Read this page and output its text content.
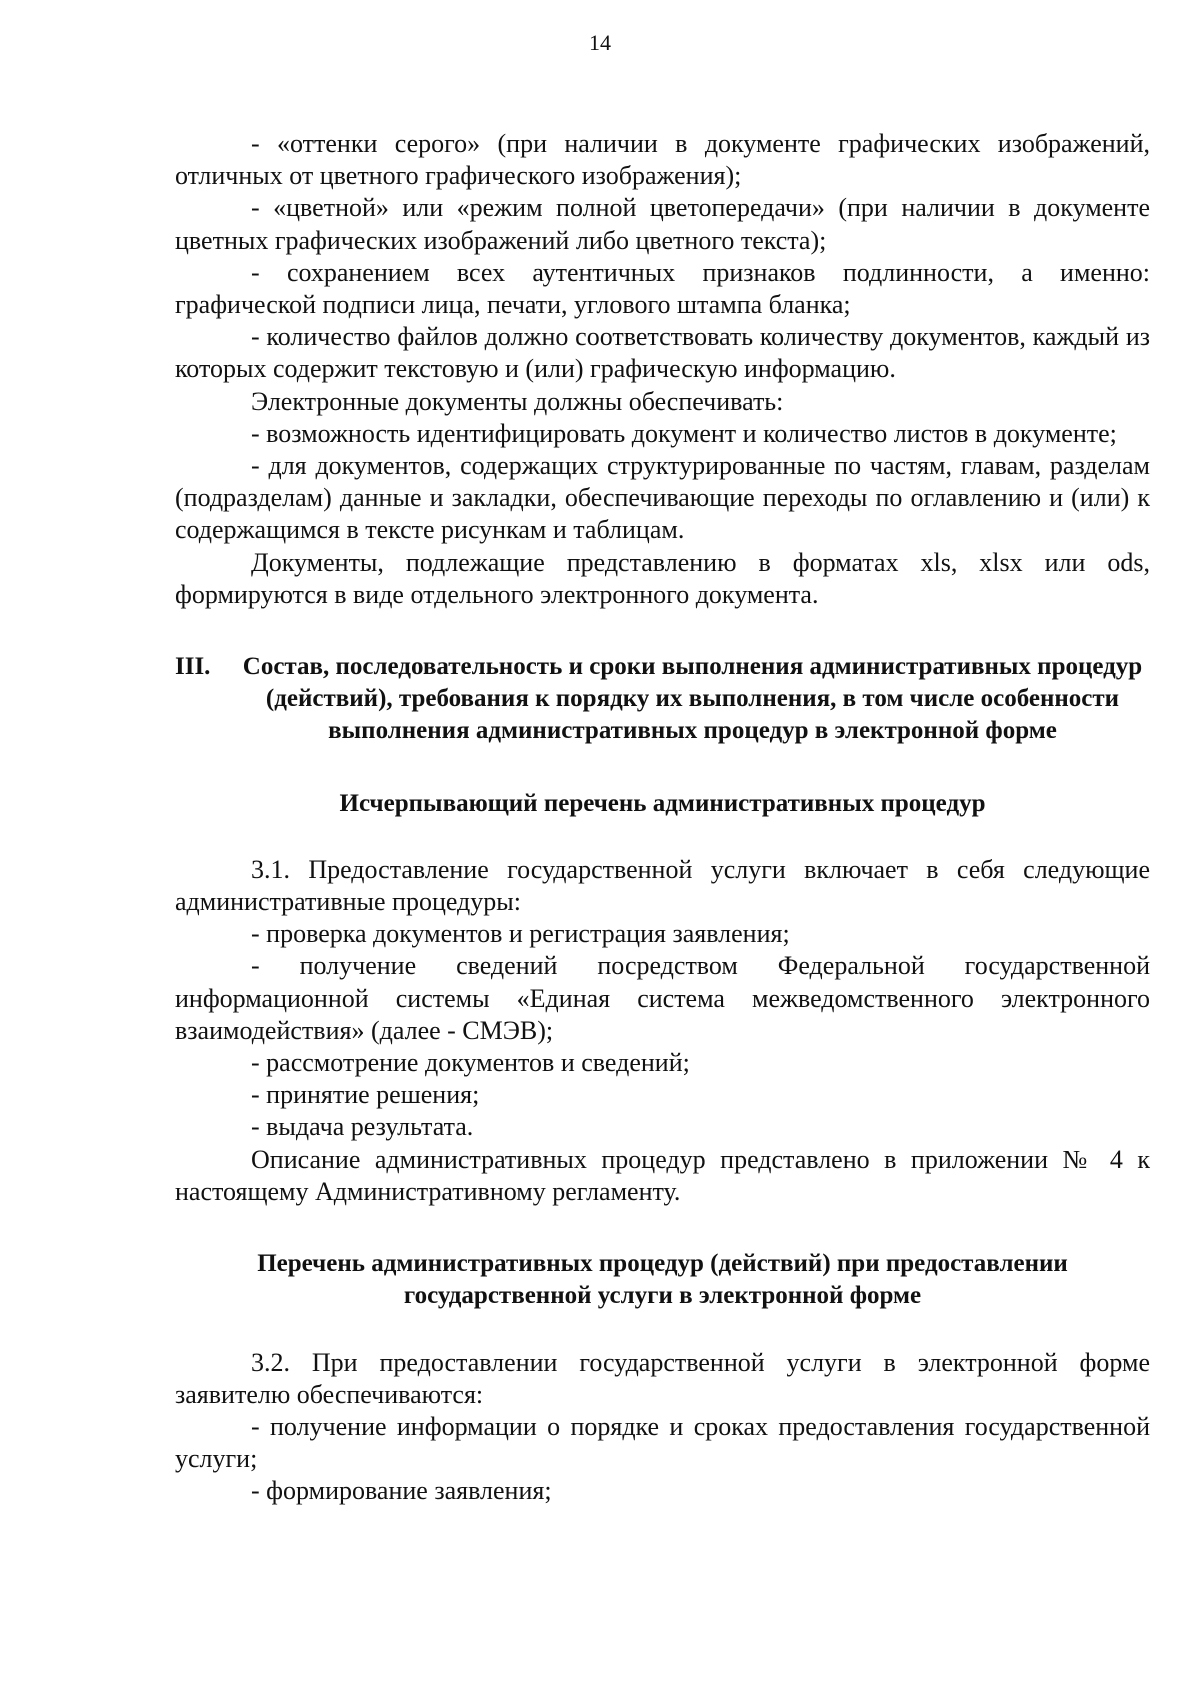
14

- «оттенки серого» (при наличии в документе графических изображений, отличных от цветного графического изображения);

- «цветной» или «режим полной цветопередачи» (при наличии в документе цветных графических изображений либо цветного текста);

- сохранением всех аутентичных признаков подлинности, а именно: графической подписи лица, печати, углового штампа бланка;

- количество файлов должно соответствовать количеству документов, каждый из которых содержит текстовую и (или) графическую информацию.

Электронные документы должны обеспечивать:

- возможность идентифицировать документ и количество листов в документе;

- для документов, содержащих структурированные по частям, главам, разделам (подразделам) данные и закладки, обеспечивающие переходы по оглавлению и (или) к содержащимся в тексте рисункам и таблицам.

Документы, подлежащие представлению в форматах xls, xlsx или ods, формируются в виде отдельного электронного документа.

III.	Состав, последовательность и сроки выполнения административных процедур (действий), требования к порядку их выполнения, в том числе особенности выполнения административных процедур в электронной форме

Исчерпывающий перечень административных процедур

3.1. Предоставление государственной услуги включает в себя следующие административные процедуры:

- проверка документов и регистрация заявления;

- получение сведений посредством Федеральной государственной информационной системы «Единая система межведомственного электронного взаимодействия» (далее - СМЭВ);

- рассмотрение документов и сведений;

- принятие решения;

- выдача результата.

Описание административных процедур представлено в приложении № 4 к настоящему Административному регламенту.

Перечень административных процедур (действий) при предоставлении государственной услуги в электронной форме

3.2. При предоставлении государственной услуги в электронной форме заявителю обеспечиваются:

- получение информации о порядке и сроках предоставления государственной услуги;

- формирование заявления;
